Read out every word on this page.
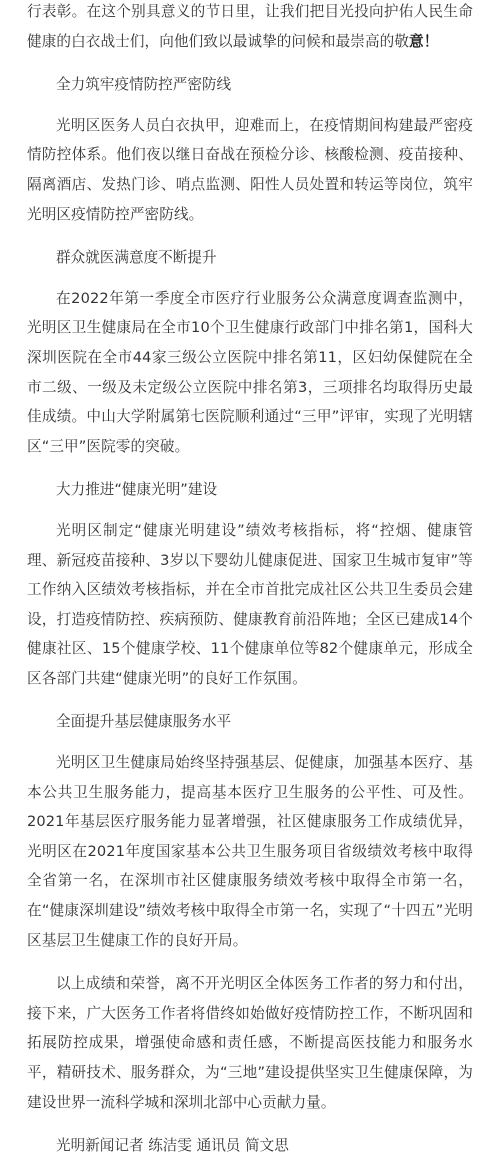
行表彰。在这个别具意义的节日里，让我们把目光投向护佑人民生命健康的白衣战士们，向他们致以最诚挚的问候和最崇高的敬意！

全力筑牢疫情防控严密防线

光明区医务人员白衣执甲，迎难而上，在疫情期间构建最严密疫情防控体系。他们夜以继日奋战在预检分诊、核酸检测、疫苗接种、隔离酒店、发热门诊、哨点监测、阳性人员处置和转运等岗位，筑牢光明区疫情防控严密防线。

群众就医满意度不断提升

在2022年第一季度全市医疗行业服务公众满意度调查监测中，光明区卫生健康局在全市10个卫生健康行政部门中排名第1，国科大深圳医院在全市44家三级公立医院中排名第11，区妇幼保健院在全市二级、一级及未定级公立医院中排名第3，三项排名均取得历史最佳成绩。中山大学附属第七医院顺利通过“三甲”评审，实现了光明辖区“三甲”医院零的突破。

大力推进“健康光明”建设

光明区制定“健康光明建设”绩效考核指标，将“控烟、健康管理、新冠疫苗接种、3岁以下婴幼儿健康促进、国家卫生城市复审”等工作纳入区绩效考核指标，并在全市首批完成社区公共卫生委员会建设，打造疫情防控、疾病预防、健康教育前沿阵地；全区已建成14个健康社区、15个健康学校、11个健康单位等82个健康单元，形成全区各部门共建“健康光明”的良好工作氛围。

全面提升基层健康服务水平

光明区卫生健康局始终坚持强基层、促健康，加强基本医疗、基本公共卫生服务能力，提高基本医疗卫生服务的公平性、可及性。2021年基层医疗服务能力显著增强，社区健康服务工作成绩优异，光明区在2021年度国家基本公共卫生服务项目省级绩效考核中取得全省第一名，在深圳市社区健康服务绩效考核中取得全市第一名，在“健康深圳建设”绩效考核中取得全市第一名，实现了“十四五”光明区基层卫生健康工作的良好开局。

以上成绩和荣誉，离不开光明区全体医务工作者的努力和付出，接下来，广大医务工作者将借终如始做好疫情防控工作，不断巩固和拓展防控成果，增强使命感和责任感，不断提高医技能力和服务水平，精研技术、服务群众，为“三地”建设提供坚实卫生健康保障，为建设世界一流科学城和深圳北部中心贡献力量。

光明新闻记者 练洁雯 通讯员 简文思
